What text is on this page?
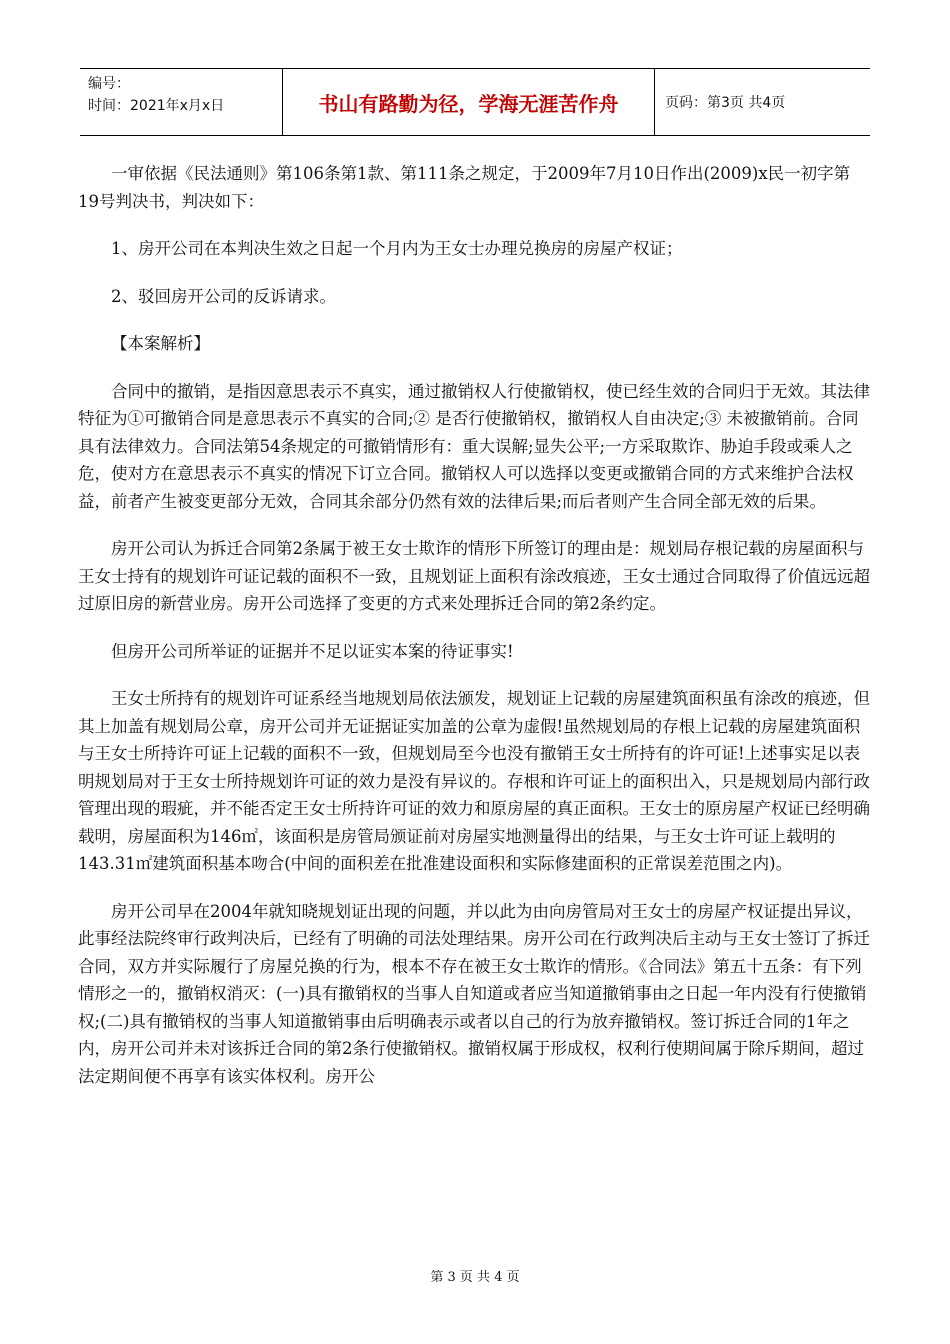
编号：
时间：2021年x月x日	书山有路勤为径，学海无涯苦作舟	页码：第3页 共4页

一审依据《民法通则》第106条第1款、第111条之规定，于2009年7月10日作出(2009)x民一初字第19号判决书，判决如下：

1、房开公司在本判决生效之日起一个月内为王女士办理兑换房的房屋产权证；

2、驳回房开公司的反诉请求。

【本案解析】

合同中的撤销，是指因意思表示不真实，通过撤销权人行使撤销权，使已经生效的合同归于无效。其法律特征为①可撤销合同是意思表示不真实的合同;② 是否行使撤销权，撤销权人自由决定;③ 未被撤销前。合同具有法律效力。合同法第54条规定的可撤销情形有：重大误解;显失公平;一方采取欺诈、胁迫手段或乘人之危，使对方在意思表示不真实的情况下订立合同。撤销权人可以选择以变更或撤销合同的方式来维护合法权益，前者产生被变更部分无效，合同其余部分仍然有效的法律后果;而后者则产生合同全部无效的后果。

房开公司认为拆迁合同第2条属于被王女士欺诈的情形下所签订的理由是：规划局存根记载的房屋面积与王女士持有的规划许可证记载的面积不一致，且规划证上面积有涂改痕迹，王女士通过合同取得了价值远远超过原旧房的新营业房。房开公司选择了变更的方式来处理拆迁合同的第2条约定。

但房开公司所举证的证据并不足以证实本案的待证事实!

王女士所持有的规划许可证系经当地规划局依法颁发，规划证上记载的房屋建筑面积虽有涂改的痕迹，但其上加盖有规划局公章，房开公司并无证据证实加盖的公章为虚假!虽然规划局的存根上记载的房屋建筑面积与王女士所持许可证上记载的面积不一致，但规划局至今也没有撤销王女士所持有的许可证!上述事实足以表明规划局对于王女士所持规划许可证的效力是没有异议的。存根和许可证上的面积出入，只是规划局内部行政管理出现的瑕疵，并不能否定王女士所持许可证的效力和原房屋的真正面积。王女士的原房屋产权证已经明确载明，房屋面积为146㎡，该面积是房管局颁证前对房屋实地测量得出的结果，与王女士许可证上载明的143.31㎡建筑面积基本吻合(中间的面积差在批准建设面积和实际修建面积的正常误差范围之内)。

房开公司早在2004年就知晓规划证出现的问题，并以此为由向房管局对王女士的房屋产权证提出异议，此事经法院终审行政判决后，已经有了明确的司法处理结果。房开公司在行政判决后主动与王女士签订了拆迁合同，双方并实际履行了房屋兑换的行为，根本不存在被王女士欺诈的情形。《合同法》第五十五条：有下列情形之一的，撤销权消灭：(一)具有撤销权的当事人自知道或者应当知道撤销事由之日起一年内没有行使撤销权;(二)具有撤销权的当事人知道撤销事由后明确表示或者以自己的行为放弃撤销权。签订拆迁合同的1年之内，房开公司并未对该拆迁合同的第2条行使撤销权。撤销权属于形成权，权利行使期间属于除斥期间，超过法定期间便不再享有该实体权利。房开公

第 3 页 共 4 页
